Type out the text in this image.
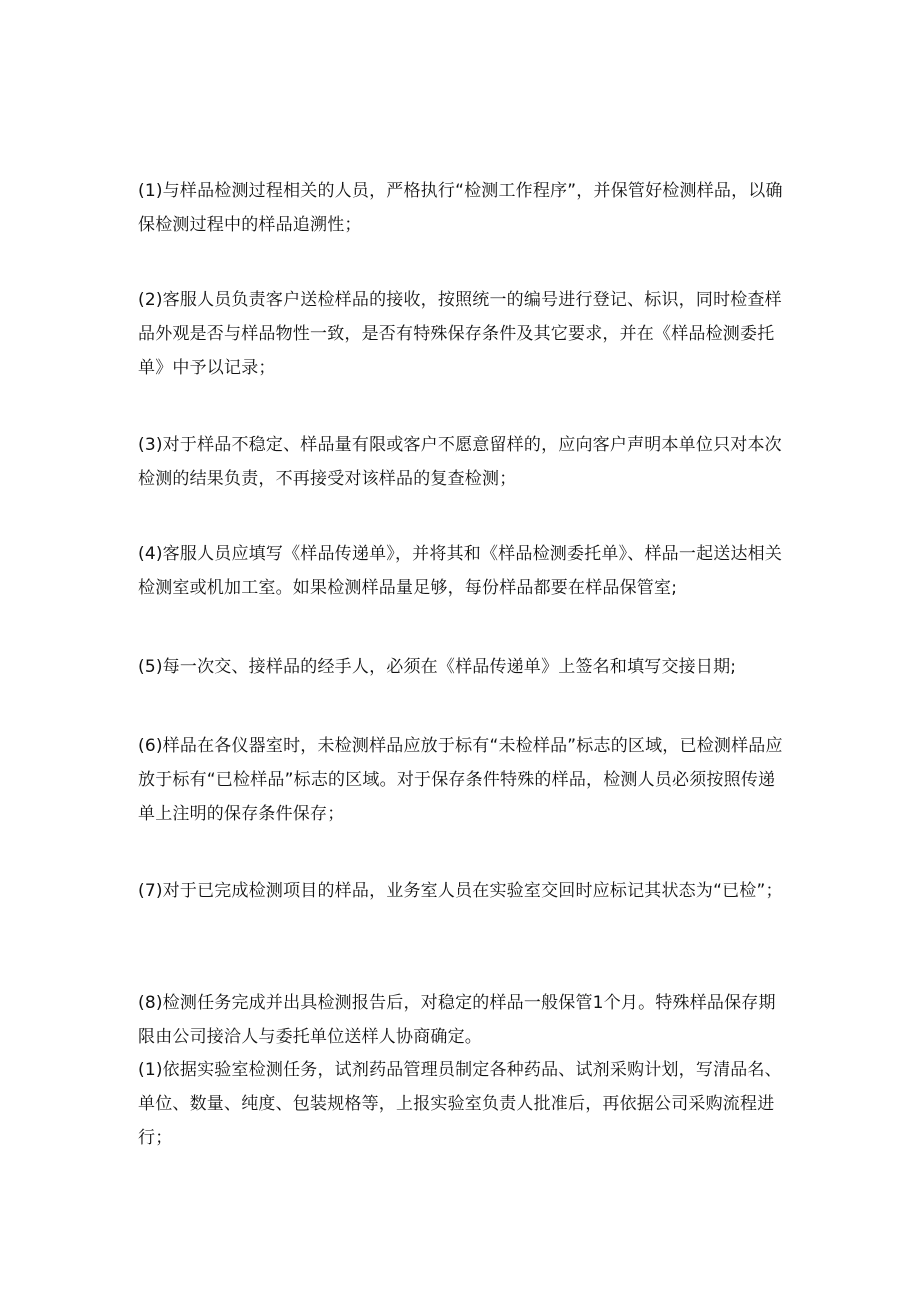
(1)与样品检测过程相关的人员，严格执行“检测工作程序”，并保管好检测样品，以确保检测过程中的样品追溯性；

(2)客服人员负责客户送检样品的接收，按照统一的编号进行登记、标识，同时检查样品外观是否与样品物性一致，是否有特殊保存条件及其它要求，并在《样品检测委托单》中予以记录；

(3)对于样品不稳定、样品量有限或客户不愿意留样的，应向客户声明本单位只对本次检测的结果负责，不再接受对该样品的复查检测；

(4)客服人员应填写《样品传递单》，并将其和《样品检测委托单》、样品一起送达相关检测室或机加工室。如果检测样品量足够，每份样品都要在样品保管室;

(5)每一次交、接样品的经手人，必须在《样品传递单》上签名和填写交接日期;

(6)样品在各仪器室时，未检测样品应放于标有“未检样品”标志的区域，已检测样品应放于标有“已检样品”标志的区域。对于保存条件特殊的样品，检测人员必须按照传递单上注明的保存条件保存；

(7)对于已完成检测项目的样品，业务室人员在实验室交回时应标记其状态为“已检”；

(8)检测任务完成并出具检测报告后，对稳定的样品一般保管1个月。特殊样品保存期限由公司接洽人与委托单位送样人协商确定。

(1)依据实验室检测任务，试剂药品管理员制定各种药品、试剂采购计划，写清品名、单位、数量、纯度、包装规格等，上报实验室负责人批准后，再依据公司采购流程进行；
